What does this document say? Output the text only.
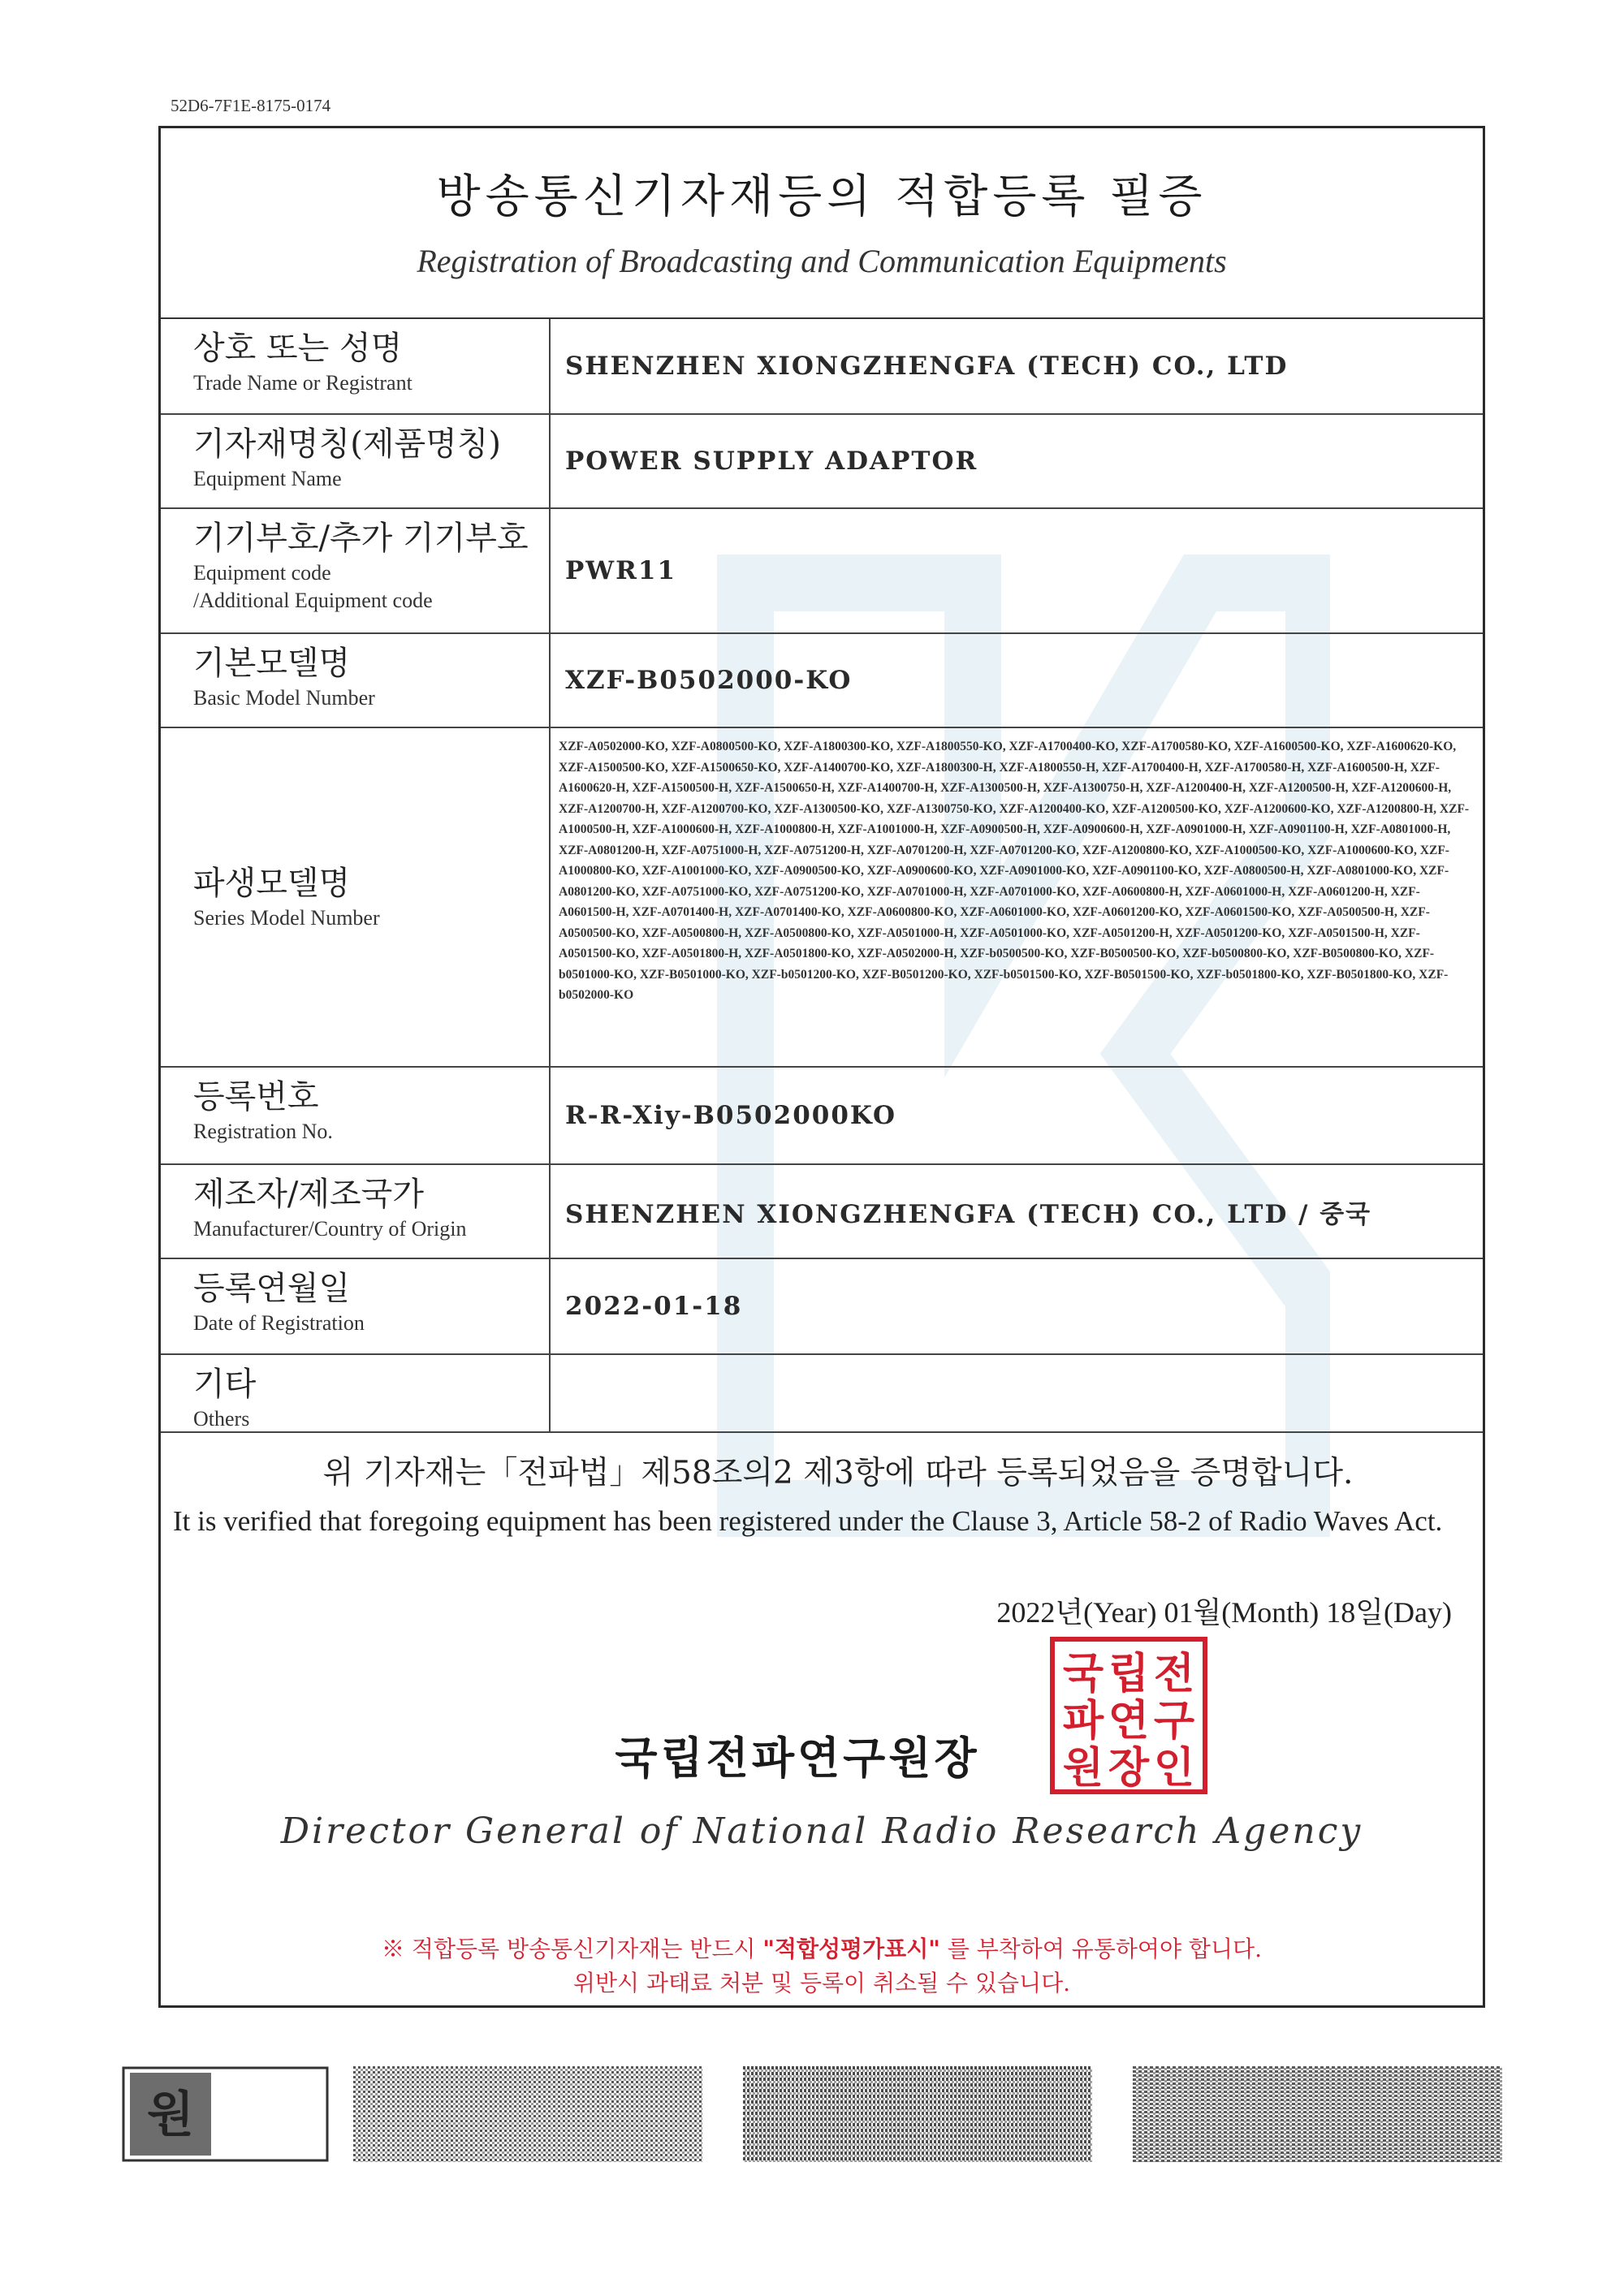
52D6-7F1E-8175-0174
방송통신기자재등의 적합등록 필증
Registration of Broadcasting and Communication Equipments
상호 또는 성명
Trade Name or Registrant
SHENZHEN XIONGZHENGFA (TECH) CO., LTD
기자재명칭(제품명칭)
Equipment Name
POWER SUPPLY ADAPTOR
기기부호/추가 기기부호
Equipment code
/Additional Equipment code
PWR11
기본모델명
Basic Model Number
XZF-B0502000-KO
파생모델명
Series Model Number
XZF-A0502000-KO, XZF-A0800500-KO, XZF-A1800300-KO, XZF-A1800550-KO, XZF-A1700400-KO, XZF-A1700580-KO, XZF-A1600500-KO, XZF-A1600620-KO, XZF-A1500500-KO, XZF-A1500650-KO, XZF-A1400700-KO, XZF-A1800300-H, XZF-A1800550-H, XZF-A1700400-H, XZF-A1700580-H, XZF-A1600500-H, XZF-A1600620-H, XZF-A1500500-H, XZF-A1500650-H, XZF-A1400700-H, XZF-A1300500-H, XZF-A1300750-H, XZF-A1200400-H, XZF-A1200500-H, XZF-A1200600-H, XZF-A1200700-H, XZF-A1200700-KO, XZF-A1300500-KO, XZF-A1300750-KO, XZF-A1200400-KO, XZF-A1200500-KO, XZF-A1200600-KO, XZF-A1200800-H, XZF-A1000500-H, XZF-A1000600-H, XZF-A1000800-H, XZF-A1001000-H, XZF-A0900500-H, XZF-A0900600-H, XZF-A0901000-H, XZF-A0901100-H, XZF-A0801000-H, XZF-A0801200-H, XZF-A0751000-H, XZF-A0751200-H, XZF-A0701200-H, XZF-A0701200-KO, XZF-A1200800-KO, XZF-A1000500-KO, XZF-A1000600-KO, XZF-A1000800-KO, XZF-A1001000-KO, XZF-A0900500-KO, XZF-A0900600-KO, XZF-A0901000-KO, XZF-A0901100-KO, XZF-A0800500-H, XZF-A0801000-KO, XZF-A0801200-KO, XZF-A0751000-KO, XZF-A0751200-KO, XZF-A0701000-H, XZF-A0701000-KO, XZF-A0600800-H, XZF-A0601000-H, XZF-A0601200-H, XZF-A0601500-H, XZF-A0701400-H, XZF-A0701400-KO, XZF-A0600800-KO, XZF-A0601000-KO, XZF-A0601200-KO, XZF-A0601500-KO, XZF-A0500500-H, XZF-A0500500-KO, XZF-A0500800-H, XZF-A0500800-KO, XZF-A0501000-H, XZF-A0501000-KO, XZF-A0501200-H, XZF-A0501200-KO, XZF-A0501500-H, XZF-A0501500-KO, XZF-A0501800-H, XZF-A0501800-KO, XZF-A0502000-H, XZF-b0500500-KO, XZF-B0500500-KO, XZF-b0500800-KO, XZF-B0500800-KO, XZF-b0501000-KO, XZF-B0501000-KO, XZF-b0501200-KO, XZF-B0501200-KO, XZF-b0501500-KO, XZF-B0501500-KO, XZF-b0501800-KO, XZF-B0501800-KO, XZF-b0502000-KO
등록번호
Registration No.
R-R-Xiy-B0502000KO
제조자/제조국가
Manufacturer/Country of Origin	SHENZHEN XIONGZHENGFA (TECH) CO., LTD / 중국
등록연월일
Date of Registration
2022-01-18
기타
Others
위 기자재는「전파법」제58조의2 제3항에 따라 등록되었음을 증명합니다.
It is verified that foregoing equipment has been registered under the Clause 3, Article 58-2 of Radio Waves Act.
2022년(Year) 01월(Month) 18일(Day)
국 립 전
파 연 구
원 장 인
국립전파연구원장
Director General of National Radio Research Agency
※ 적합등록 방송통신기자재는 반드시 "적합성평가표시" 를 부착하여 유통하여야 합니다.
위반시 과태료 처분 및 등록이 취소될 수 있습니다.
원
